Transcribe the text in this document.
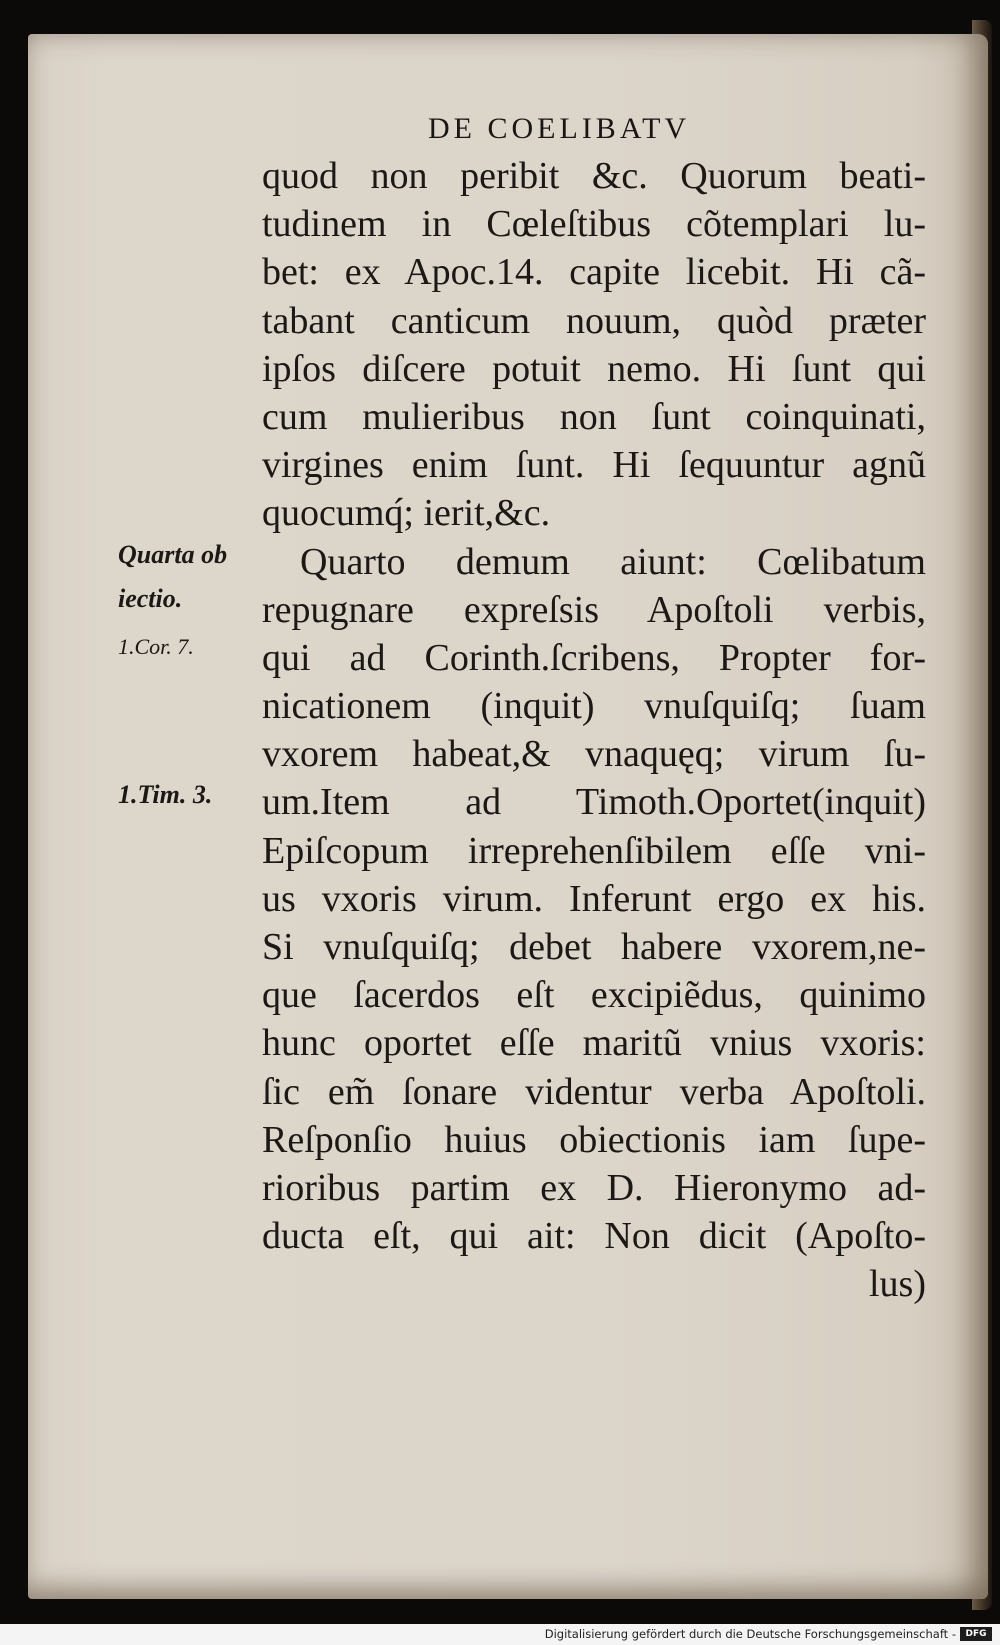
DE COELIBATV
quod non peribit &c. Quorum beati-
tudinem in Cœleſtibus cõtemplari lu-
bet: ex Apoc.14. capite licebit. Hi cã-
tabant canticum nouum, quòd præter
ipſos diſcere potuit nemo. Hi ſunt qui
cum mulieribus non ſunt coinquinati,
virgines enim ſunt. Hi ſequuntur agnũ
quocumq́; ierit,&c.
Quarto demum aiunt: Cœlibatum
repugnare expreſsis Apoſtoli verbis,
qui ad Corinth.ſcribens, Propter for-
nicationem (inquit) vnuſquiſq; ſuam
vxorem habeat,& vnaquęq; virum ſu-
um.Item ad Timoth.Oportet(inquit)
Epiſcopum irreprehenſibilem eſſe vni-
us vxoris virum. Inferunt ergo ex his.
Si vnuſquiſq; debet habere vxorem,ne-
que ſacerdos eſt excipiẽdus, quinimo
hunc oportet eſſe maritũ vnius vxoris:
ſic em̃ ſonare videntur verba Apoſtoli.
Reſponſio huius obiectionis iam ſupe-
rioribus partim ex D. Hieronymo ad-
ducta eſt, qui ait: Non dicit (Apoſto-
lus)
Quarta ob
iectio.
1.Cor. 7.
1.Tim. 3.
Digitalisierung gefördert durch die Deutsche Forschungsgemeinschaft -	DFG
